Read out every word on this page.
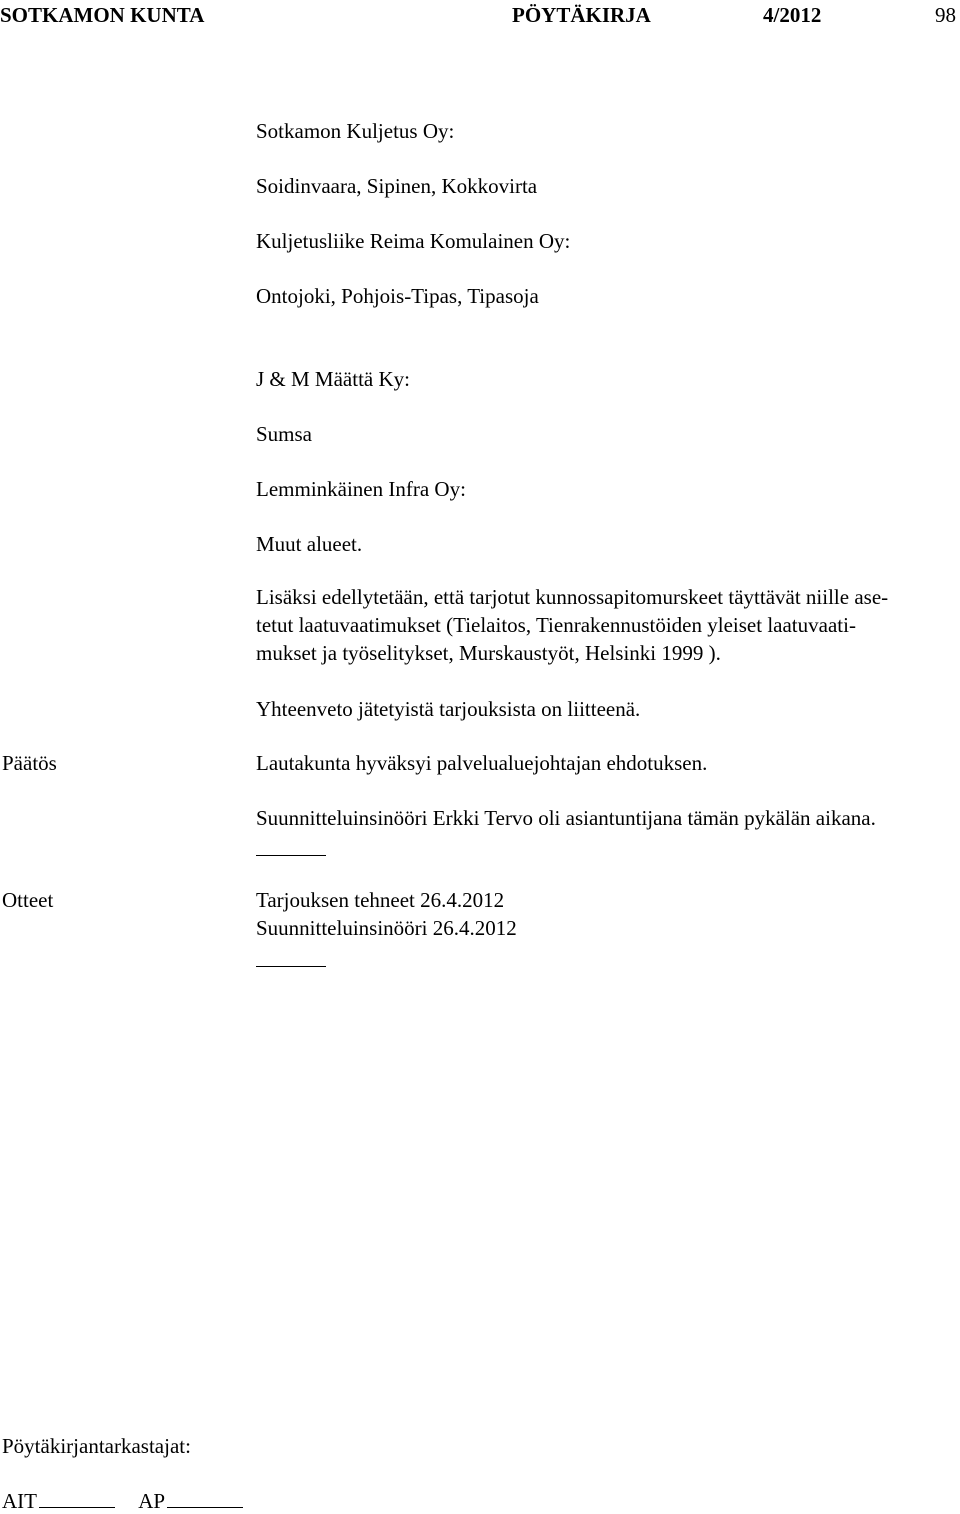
SOTKAMON KUNTA	PÖYTÄKIRJA	4/2012	98
Sotkamon Kuljetus Oy:
Soidinvaara, Sipinen, Kokkovirta
Kuljetusliike Reima Komulainen Oy:
Ontojoki, Pohjois-Tipas, Tipasoja
J & M Määttä Ky:
Sumsa
Lemminkäinen Infra Oy:
Muut alueet.
Lisäksi edellytetään, että tarjotut kunnossapitomurskeet täyttävät niille ase-
tetut laatuvaatimukset (Tielaitos, Tienrakennustöiden yleiset laatuvaati-
mukset ja työselitykset, Murskaustyöt, Helsinki 1999 ).
Yhteenveto jätetyistä tarjouksista on liitteenä.
Päätös	Lautakunta hyväksyi palvelualuejohtajan ehdotuksen.
Suunnitteluinsinööri Erkki Tervo oli asiantuntijana tämän pykälän aikana.
Otteet	Tarjouksen tehneet 26.4.2012
Suunnitteluinsinööri 26.4.2012
Pöytäkirjantarkastajat:
AIT	AP
